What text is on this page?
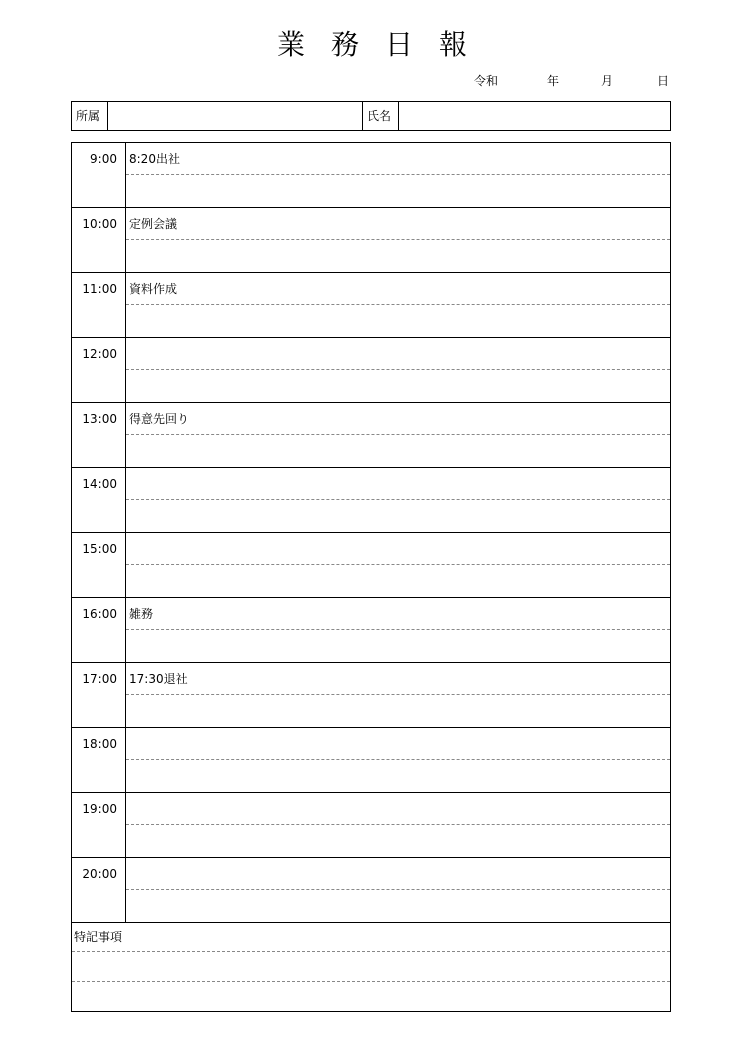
業務日報
令和	年	月	日
所属	氏名
9:00	8:20出社
10:00	定例会議
11:00	資料作成
12:00
13:00	得意先回り
14:00
15:00
16:00	雑務
17:00	17:30退社
18:00
19:00
20:00
特記事項
